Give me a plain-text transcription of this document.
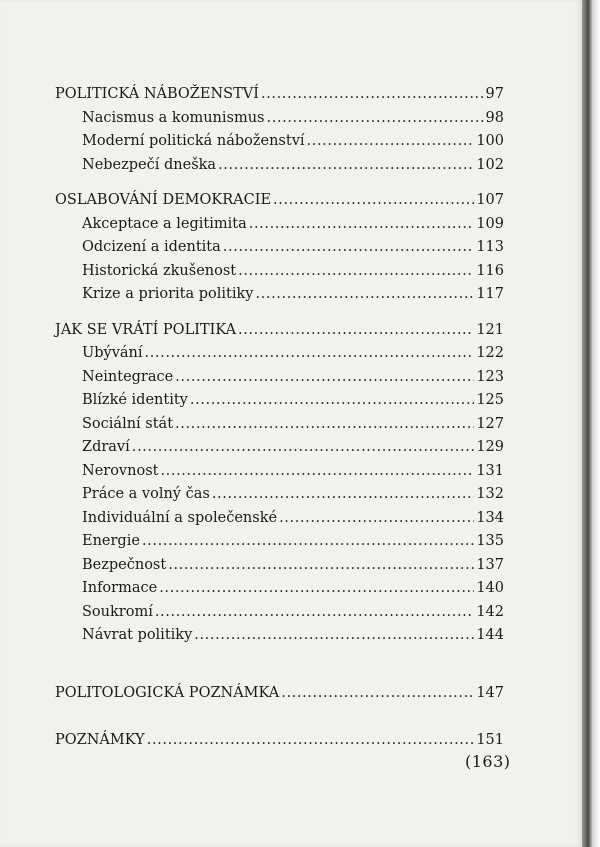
POLITICKÁ NÁBOŽENSTVÍ .....	97
Nacismus a komunismus .....	98
Moderní politická náboženství .....	100
Nebezpečí dneška .....	102
OSLABOVÁNÍ DEMOKRACIE .....	107
Akceptace a legitimita .....	109
Odcizení a identita .....	113
Historická zkušenost .....	116
Krize a priorita politiky .....	117
JAK SE VRÁTÍ POLITIKA .....	121
Ubývání .....	122
Neintegrace .....	123
Blízké identity .....	125
Sociální stát .....	127
Zdraví .....	129
Nerovnost .....	131
Práce a volný čas .....	132
Individuální a společenské .....	134
Energie .....	135
Bezpečnost .....	137
Informace .....	140
Soukromí .....	142
Návrat politiky .....	144
POLITOLOGICKÁ POZNÁMKA .....	147
POZNÁMKY .....	151
(163)
